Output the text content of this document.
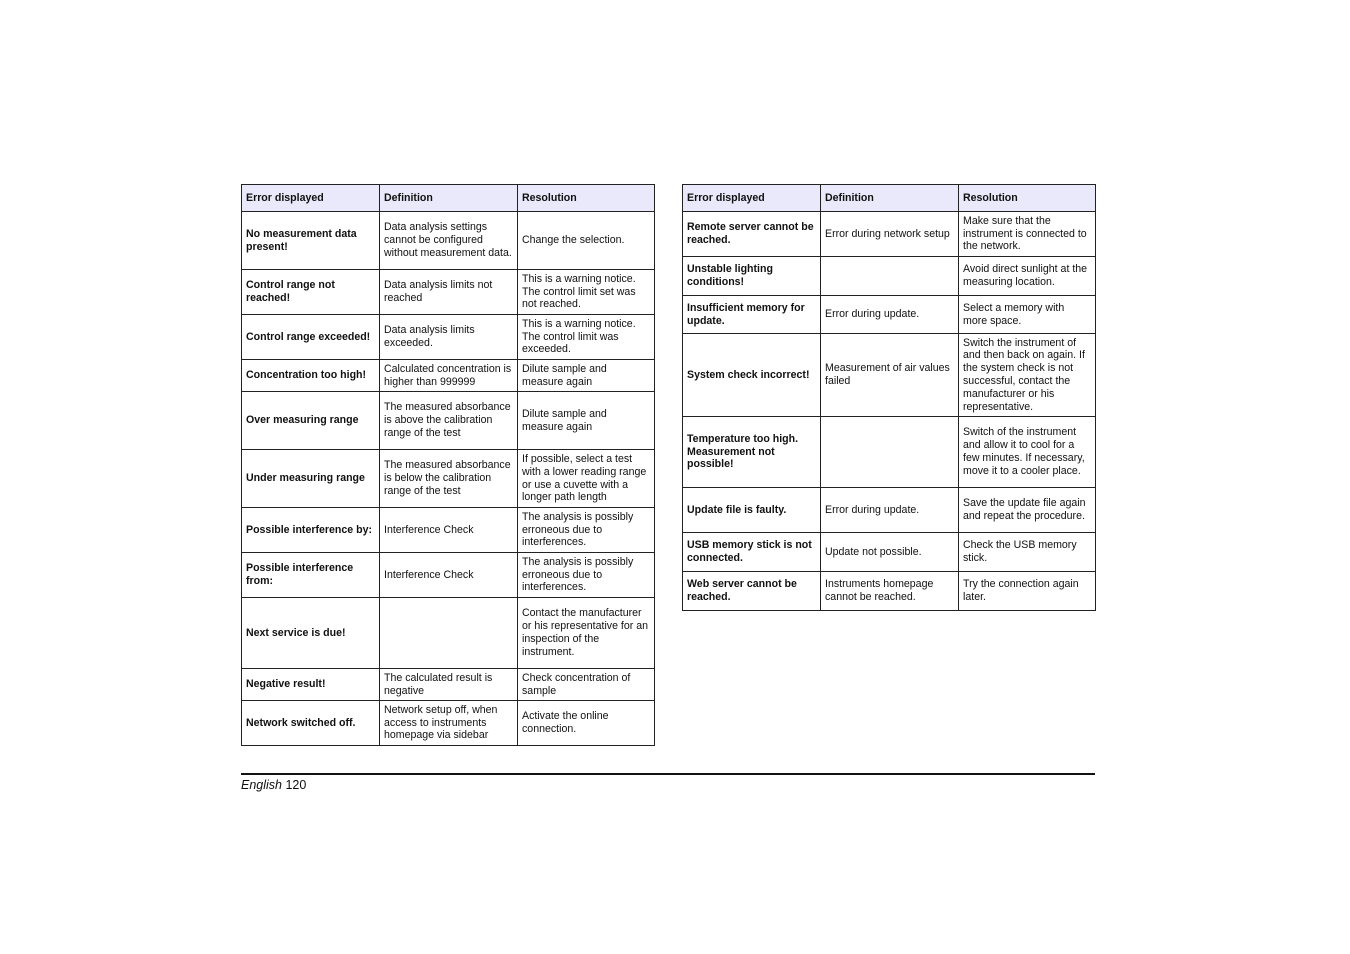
Error displayed	Definition	Resolution
No measurement data present!	Data analysis settings cannot be configured without measurement data.	Change the selection.
Control range not reached!	Data analysis limits not reached	This is a warning notice. The control limit set was not reached.
Control range exceeded!	Data analysis limits exceeded.	This is a warning notice. The control limit was exceeded.
Concentration too high!	Calculated concentration is higher than 999999	Dilute sample and measure again
Over measuring range	The measured absorbance is above the calibration range of the test	Dilute sample and measure again
Under measuring range	The measured absorbance is below the calibration range of the test	If possible, select a test with a lower reading range or use a cuvette with a longer path length
Possible interference by:	Interference Check	The analysis is possibly erroneous due to interferences.
Possible interference from:	Interference Check	The analysis is possibly erroneous due to interferences.
Next service is due!		Contact the manufacturer or his representative for an inspection of the instrument.
Negative result!	The calculated result is negative	Check concentration of sample
Network switched off.	Network setup off, when access to instruments homepage via sidebar	Activate the online connection.
Error displayed	Definition	Resolution
Remote server cannot be reached.	Error during network setup	Make sure that the instrument is connected to the network.
Unstable lighting conditions!		Avoid direct sunlight at the measuring location.
Insufficient memory for update.	Error during update.	Select a memory with more space.
System check incorrect!	Measurement of air values failed	Switch the instrument of and then back on again. If the system check is not successful, contact the manufacturer or his representative.
Temperature too high. Measurement not possible!		Switch of the instrument and allow it to cool for a few minutes. If necessary, move it to a cooler place.
Update file is faulty.	Error during update.	Save the update file again and repeat the procedure.
USB memory stick is not connected.	Update not possible.	Check the USB memory stick.
Web server cannot be reached.	Instruments homepage cannot be reached.	Try the connection again later.
English 120
